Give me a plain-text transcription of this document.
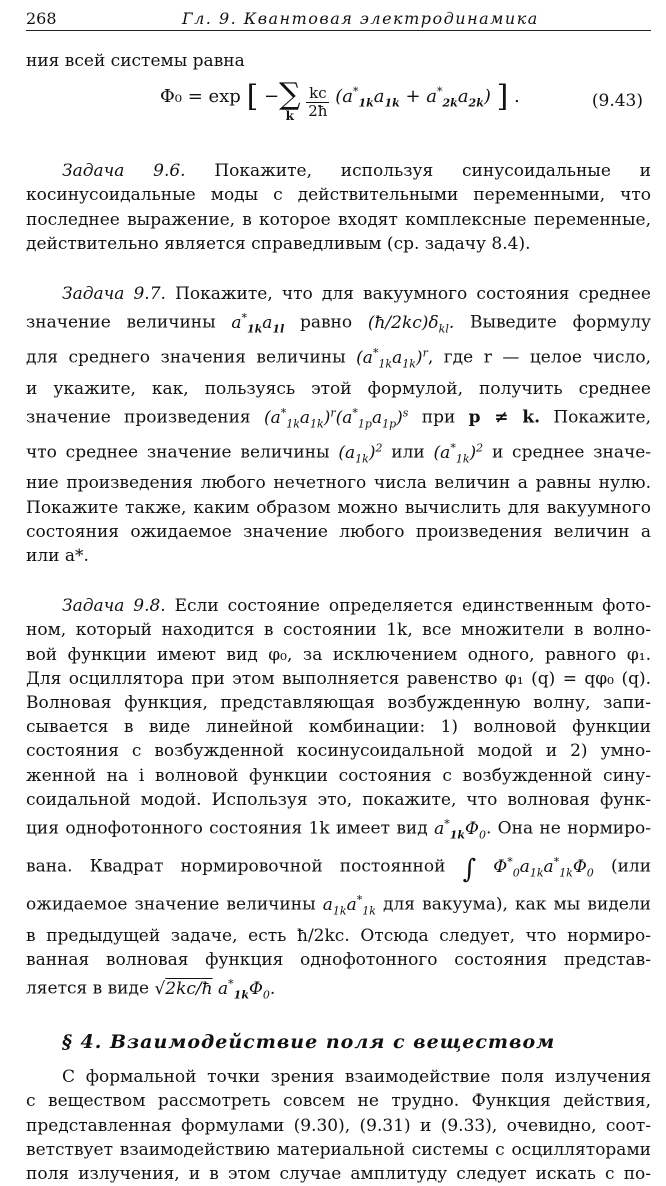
268	Гл. 9. Квантовая электродинамика

ния всей системы равна

Φ₀ = exp [ − ∑
k
$\frac{kc}{2ħ} (a^*_{1k}a_{1k} + a^*_{2k}a_{2k})$ ] .	(9.43)

Задача 9.6. Покажите, используя синусоидальные и косинусоидальные моды с действительными переменными, что последнее выражение, в которое входят комплексные переменные, действительно является справедливым (ср. задачу 8.4).

Задача 9.7. Покажите, что для вакуумного состояния среднее

значение величины $a^*_{1k}a_{1l}$ равно $(ħ/2kc)\delta_{kl}$. Выведите формулу

для среднего значения величины $(a^*_{1k}a_{1k})^r$, где r — целое число,

и укажите, как, пользуясь этой формулой, получить среднее

значение произведения $(a^*_{1k}a_{1k})^r(a^*_{1p}a_{1p})^s$ при p ≠ k. Покажите,

что среднее значение величины $(a_{1k})^2$ или $(a^*_{1k})^2$ и среднее значе-

ние произведения любого нечетного числа величин a равны нулю.

Покажите также, каким образом можно вычислить для вакуумного

состояния ожидаемое значение любого произведения величин a

или a*.

Задача 9.8. Если состояние определяется единственным фото-

ном, который находится в состоянии 1k, все множители в волно-

вой функции имеют вид φ₀, за исключением одного, равного φ₁.

Для осциллятора при этом выполняется равенство φ₁ (q) = qφ₀ (q).

Волновая функция, представляющая возбужденную волну, запи-

сывается в виде линейной комбинации: 1) волновой функции

состояния с возбужденной косинусоидальной модой и 2) умно-

женной на i волновой функции состояния с возбужденной сину-

соидальной модой. Используя это, покажите, что волновая функ-

ция однофотонного состояния 1k имеет вид $a^*_{1k}\Phi_0$. Она не нормиро-

вана. Квадрат нормировочной постоянной ∫ $\Phi^*_0a_{1k}a^*_{1k}\Phi_0$ (или

ожидаемое значение величины $a_{1k}a^*_{1k}$ для вакуума), как мы видели

в предыдущей задаче, есть ħ/2kc. Отсюда следует, что нормиро-

ванная волновая функция однофотонного состояния представ-

ляется в виде √2kc/ħ $a^*_{1k}\Phi_0$.

§ 4. Взаимодействие поля с веществом

С формальной точки зрения взаимодействие поля излучения

с веществом рассмотреть совсем не трудно. Функция действия,

представленная формулами (9.30), (9.31) и (9.33), очевидно, соот-

ветствует взаимодействию материальной системы с осцилляторами

поля излучения, и в этом случае амплитуду следует искать с по-
